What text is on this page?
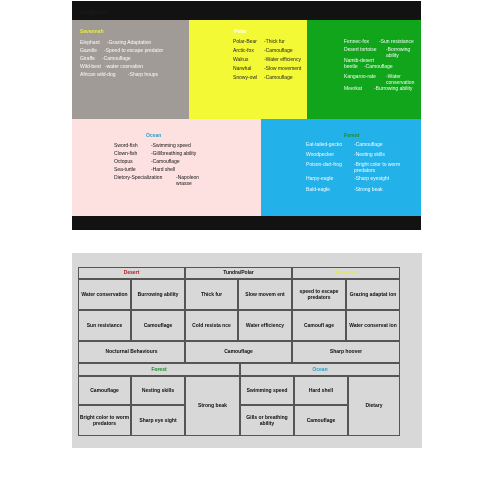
Adaptation
Savannah
Elephant -Grazing Adaptation
Gazelle -Speed to escape predator
Giraffe -Camouflage
Wild-best -water cosrvation
African wild-dog -Sharp houps
Polar
Polar-Bear -Thick fur
Arctic-fox -Camouflage
Walrus	-Water efficiency
Narwhal	-Slow movement
Snowy-owl -Camouflage
Fennec-fox -Sun resistance
Desert tortoise -Borrowing ability
Namib-desert beetle	-Camouflage
Kangaroo-rate -Water conservation
Meerkat -Burrowing ability
Ocean
Sword-fish	-Swimming speed
Clown-fish	-Gill/breathing ability
Octopus	-Camouflage
Sea-turtle	-Hard shell
Dietory-Specialization	-Napoleon wrasse
Forest
Eat-tailed-gecko -Camouflage
Woodpecker	-Nesting skills
Poison-dart-frog -Bright color to worm predators
Harpy-eagle	-Sharp eyesight
Bald-eagle	-Strong beak
Desert	Tundra/Polar	Savannah
Water conservation	Burrowing ability	Thick fur	Slow movem ent	speed to escape predators	Grazing adaptat ion
Sun resistance	Camouflage	Cold resista nce	Water efficiency	Camoufl age	Water conservat ion
Nocturnal Behaviours	Camouflage	Sharp hoover
Forest	Ocean
Camouflage	Nesting skills
Bright color to worm predators	Sharp eye sight
Strong beak
Swimming speed	Hard shell
Gills or breathing ability	Camouflage
Dietary
